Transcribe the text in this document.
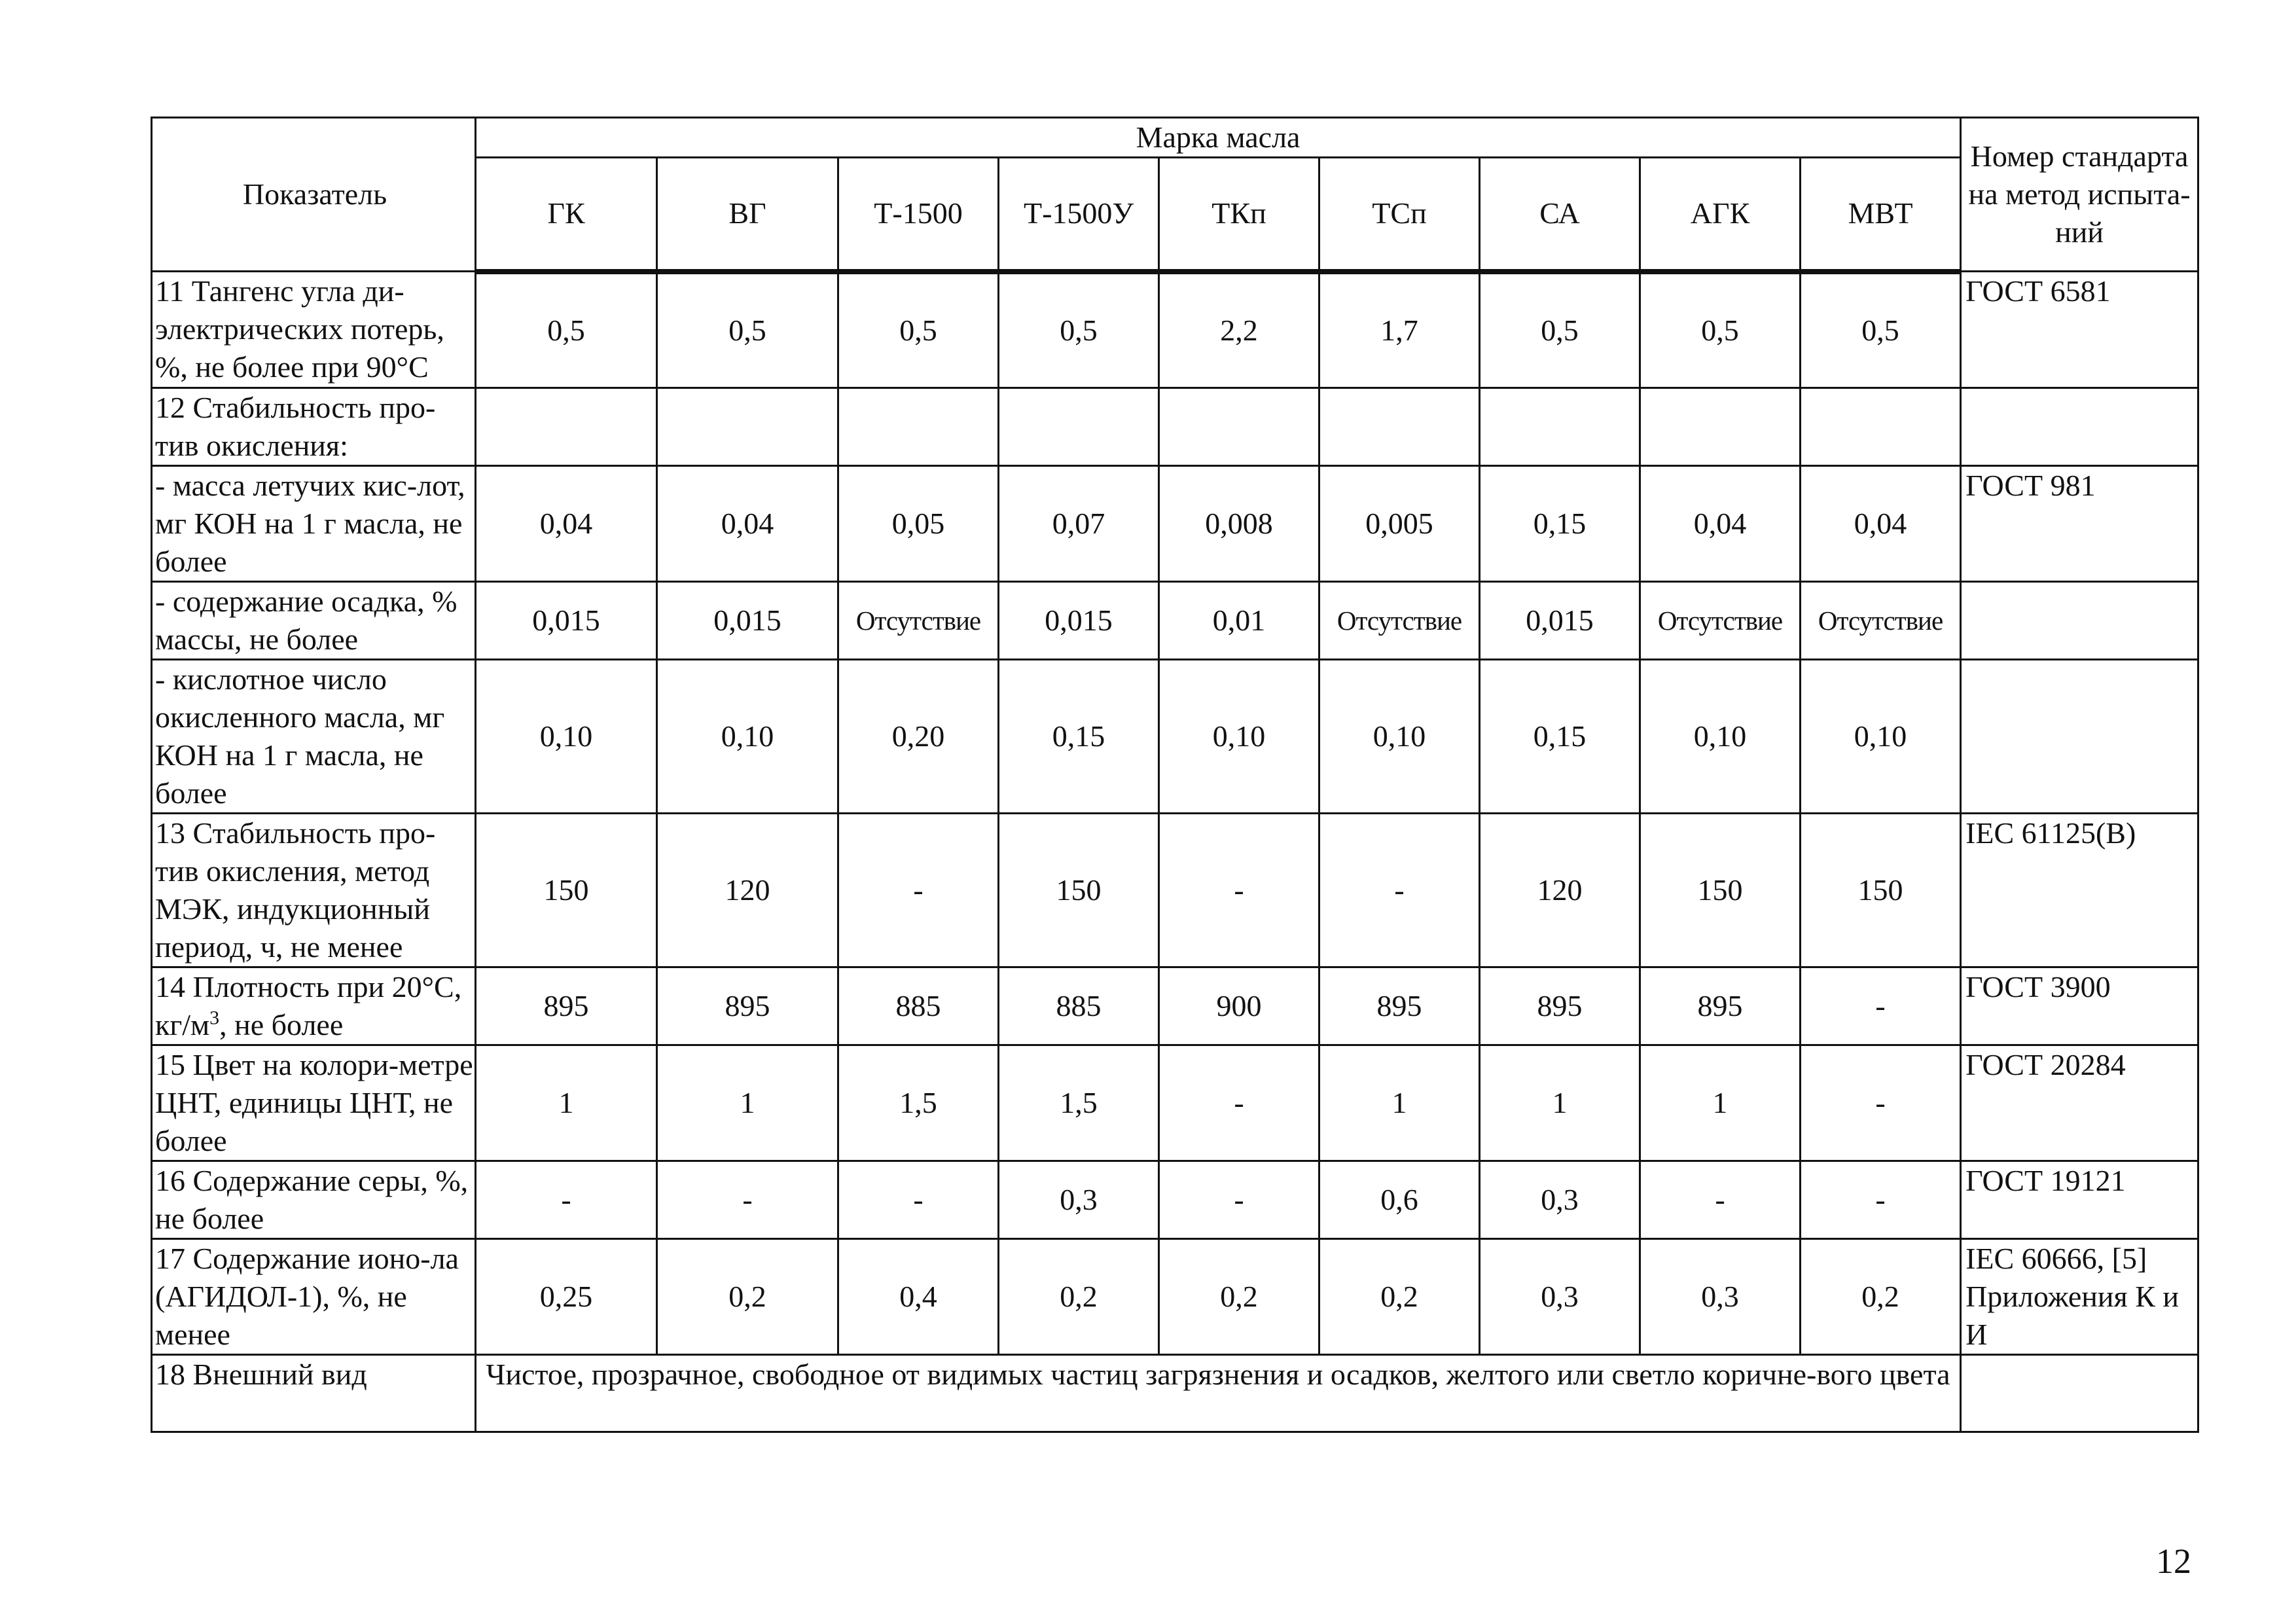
Показатель	Марка масла									Номер стандарта на метод испыта-ний
	ГК	ВГ	Т-1500	Т-1500У	ТКп	ТСп	СА	АГК	МВТ	
11 Тангенс угла ди-электрических потерь, %, не более при 90°С	0,5	0,5	0,5	0,5	2,2	1,7	0,5	0,5	0,5	ГОСТ 6581
12 Стабильность про-тив окисления:										
- масса летучих кис-лот, мг КОН на 1 г масла, не более	0,04	0,04	0,05	0,07	0,008	0,005	0,15	0,04	0,04	ГОСТ 981
- содержание осадка, % массы, не более	0,015	0,015	Отсутствие	0,015	0,01	Отсутствие	0,015	Отсутствие	Отсутствие	
- кислотное число окисленного масла, мг КОН на 1 г масла, не более	0,10	0,10	0,20	0,15	0,10	0,10	0,15	0,10	0,10	
13 Стабильность про-тив окисления, метод МЭК, индукционный период, ч, не менее	150	120	-	150	-	-	120	150	150	IEC 61125(B)
14 Плотность при 20°С, $кг/м^3$, не более	895	895	885	885	900	895	895	895	-	ГОСТ 3900
15 Цвет на колори-метре ЦНТ, единицы ЦНТ, не более	1	1	1,5	1,5	-	1	1	1	-	ГОСТ 20284
16 Содержание серы, %, не более	-	-	-	0,3	-	0,6	0,3	-	-	ГОСТ 19121
17 Содержание ионо-ла (АГИДОЛ-1), %, не менее	0,25	0,2	0,4	0,2	0,2	0,2	0,3	0,3	0,2	IEC 60666, [5] Приложения К и И
18 Внешний вид	Чистое, прозрачное, свободное от видимых частиц загрязнения и осадков, желтого или светло коричне-вого цвета									
12
